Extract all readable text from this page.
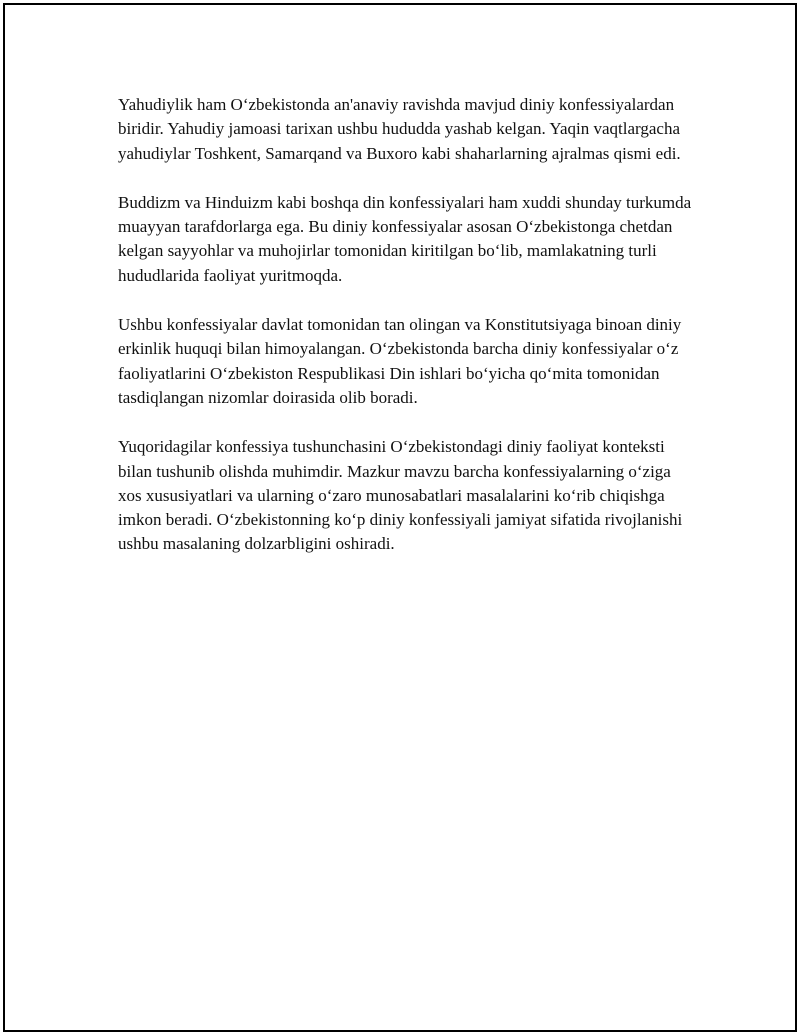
Yahudiylik ham O‘zbekistonda an'anaviy ravishda mavjud diniy konfessiyalardan biridir. Yahudiy jamoasi tarixan ushbu hududda yashab kelgan. Yaqin vaqtlargacha yahudiylar Toshkent, Samarqand va Buxoro kabi shaharlarning ajralmas qismi edi.

Buddizm va Hinduizm kabi boshqa din konfessiyalari ham xuddi shunday turkumda muayyan tarafdorlarga ega. Bu diniy konfessiyalar asosan O‘zbekistonga chetdan kelgan sayyohlar va muhojirlar tomonidan kiritilgan bo‘lib, mamlakatning turli hududlarida faoliyat yuritmoqda.

Ushbu konfessiyalar davlat tomonidan tan olingan va Konstitutsiyaga binoan diniy erkinlik huquqi bilan himoyalangan. O‘zbekistonda barcha diniy konfessiyalar o‘z faoliyatlarini O‘zbekiston Respublikasi Din ishlari bo‘yicha qo‘mita tomonidan tasdiqlangan nizomlar doirasida olib boradi.

Yuqoridagilar konfessiya tushunchasini O‘zbekistondagi diniy faoliyat konteksti bilan tushunib olishda muhimdir. Mazkur mavzu barcha konfessiyalarning o‘ziga xos xususiyatlari va ularning o‘zaro munosabatlari masalalarini ko‘rib chiqishga imkon beradi. O‘zbekistonning ko‘p diniy konfessiyali jamiyat sifatida rivojlanishi ushbu masalaning dolzarbligini oshiradi.
